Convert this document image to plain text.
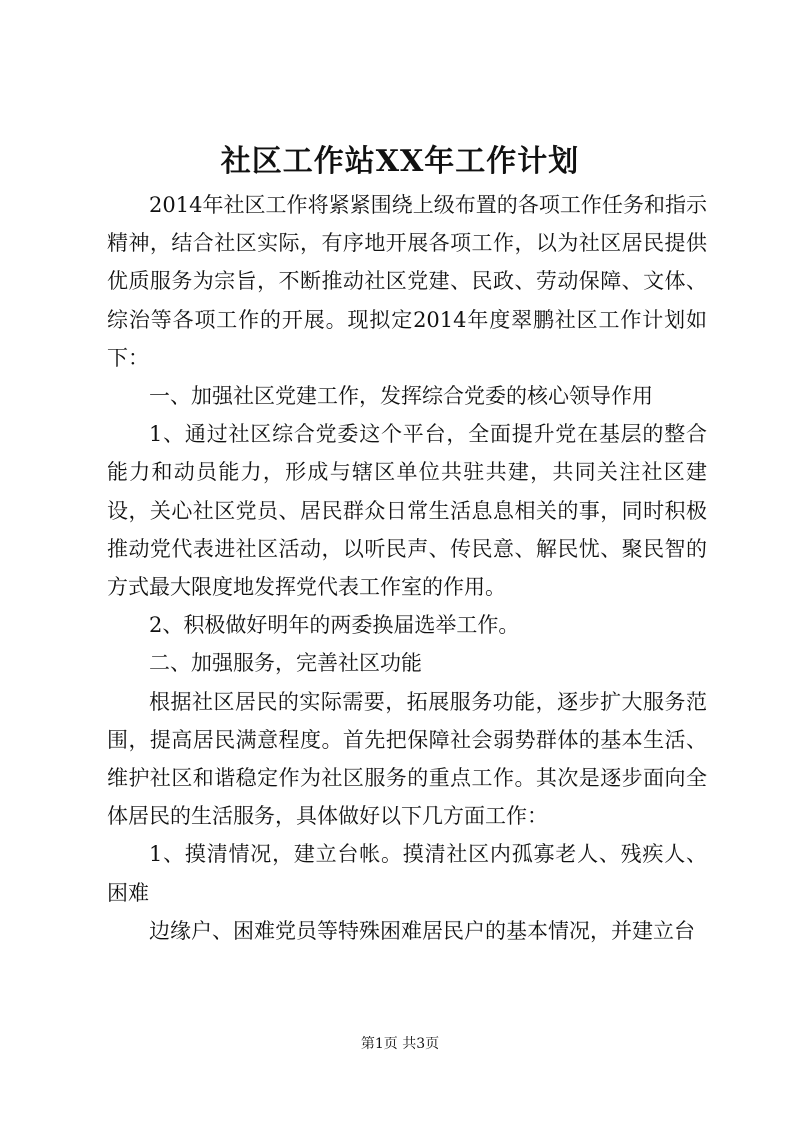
社区工作站XX年工作计划

2014年社区工作将紧紧围绕上级布置的各项工作任务和指示精神，结合社区实际，有序地开展各项工作，以为社区居民提供优质服务为宗旨，不断推动社区党建、民政、劳动保障、文体、综治等各项工作的开展。现拟定2014年度翠鹏社区工作计划如下：

一、加强社区党建工作，发挥综合党委的核心领导作用

1、通过社区综合党委这个平台，全面提升党在基层的整合能力和动员能力，形成与辖区单位共驻共建，共同关注社区建设，关心社区党员、居民群众日常生活息息相关的事，同时积极推动党代表进社区活动，以听民声、传民意、解民忧、聚民智的方式最大限度地发挥党代表工作室的作用。

2、积极做好明年的两委换届选举工作。

二、加强服务，完善社区功能

根据社区居民的实际需要，拓展服务功能，逐步扩大服务范围，提高居民满意程度。首先把保障社会弱势群体的基本生活、维护社区和谐稳定作为社区服务的重点工作。其次是逐步面向全体居民的生活服务，具体做好以下几方面工作：

1、摸清情况，建立台帐。摸清社区内孤寡老人、残疾人、困难

边缘户、困难党员等特殊困难居民户的基本情况，并建立台

第1页 共3页
